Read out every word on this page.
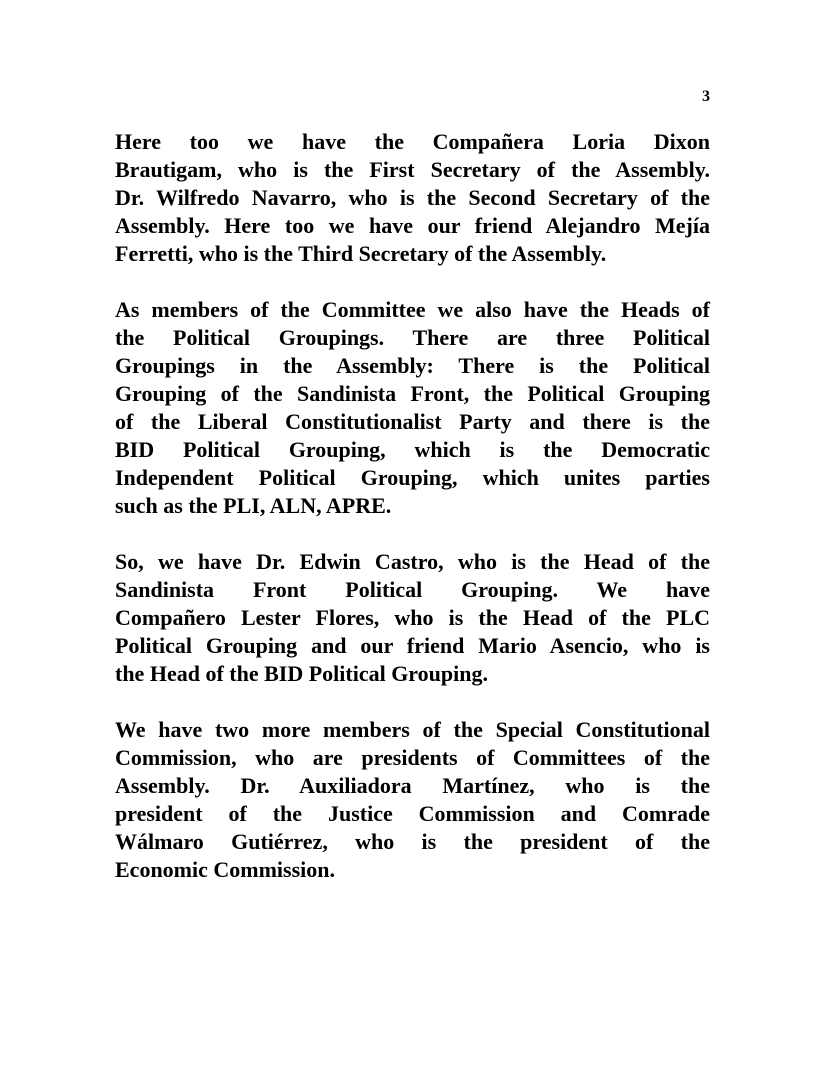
3

Here too we have the Compañera Loria Dixon
Brautigam, who is the First Secretary of the Assembly.
Dr. Wilfredo Navarro, who is the Second Secretary of the
Assembly. Here too we have our friend Alejandro Mejía
Ferretti, who is the Third Secretary of the Assembly.

As members of the Committee we also have the Heads of
the Political Groupings. There are three Political
Groupings in the Assembly: There is the Political
Grouping of the Sandinista Front, the Political Grouping
of the Liberal Constitutionalist Party and there is the
BID Political Grouping, which is the Democratic
Independent Political Grouping, which unites parties
such as the PLI, ALN, APRE.

So, we have Dr. Edwin Castro, who is the Head of the
Sandinista Front Political Grouping. We have
Compañero Lester Flores, who is the Head of the PLC
Political Grouping and our friend Mario Asencio, who is
the Head of the BID Political Grouping.

We have two more members of the Special Constitutional
Commission, who are presidents of Committees of the
Assembly. Dr. Auxiliadora Martínez, who is the
president of the Justice Commission and Comrade
Wálmaro Gutiérrez, who is the president of the
Economic Commission.
